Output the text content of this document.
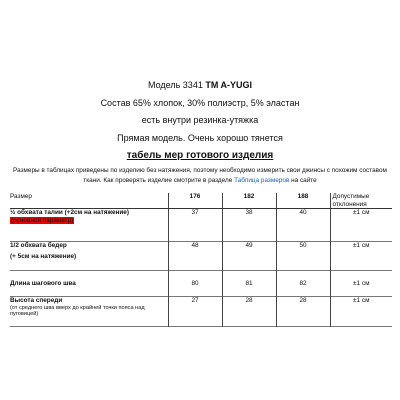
Модель 3341 TM A-YUGI
Состав 65% хлопок, 30% полиэстр, 5% эластан
есть внутри резинка-утяжка
Прямая модель. Очень хорошо тянется
табель мер готового изделия
Размеры в таблицах приведены по изделию без натяжения, поэтому необходимо измерить свои джинсы с похожим составом ткани. Как проверять изделие смотрите в разделе Таблица размеров на сайте
Размер	176	182	188	Допустимые отклонения

½ обхвата талии (+2см на натяжение)
(основной параметр)	37	38	40	±1 см

1/2 обхвата бедер
(+ 5см на натяжение)	48	49	50	±1 см

Длина шагового шва	80	81	82	±1 см

Высота спереди
(от среднего шва вверх до крайней точки пояса над пуговицей)	27	28	28	±1 см
